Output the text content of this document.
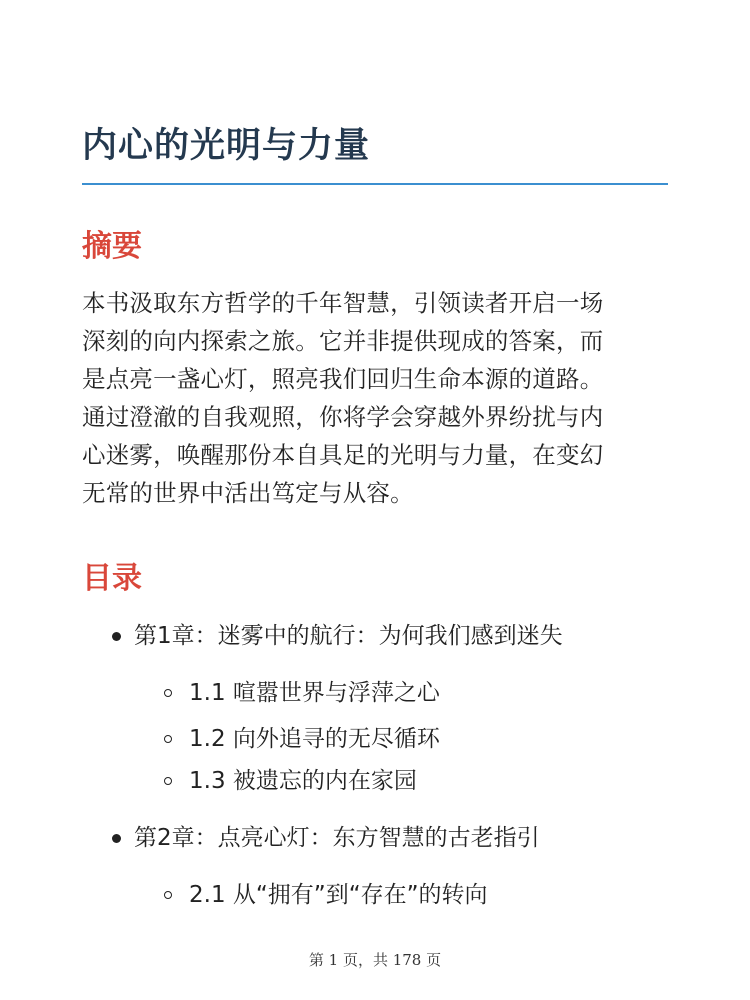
内心的光明与力量
摘要
本书汲取东方哲学的千年智慧，引领读者开启一场
深刻的向内探索之旅。它并非提供现成的答案，而
是点亮一盏心灯，照亮我们回归生命本源的道路。
通过澄澈的自我观照，你将学会穿越外界纷扰与内
心迷雾，唤醒那份本自具足的光明与力量，在变幻
无常的世界中活出笃定与从容。
目录
第1章：迷雾中的航行：为何我们感到迷失
1.1 喧嚣世界与浮萍之心
1.2 向外追寻的无尽循环
1.3 被遗忘的内在家园
第2章：点亮心灯：东方智慧的古老指引
2.1 从“拥有”到“存在”的转向
第 1 页，共 178 页
